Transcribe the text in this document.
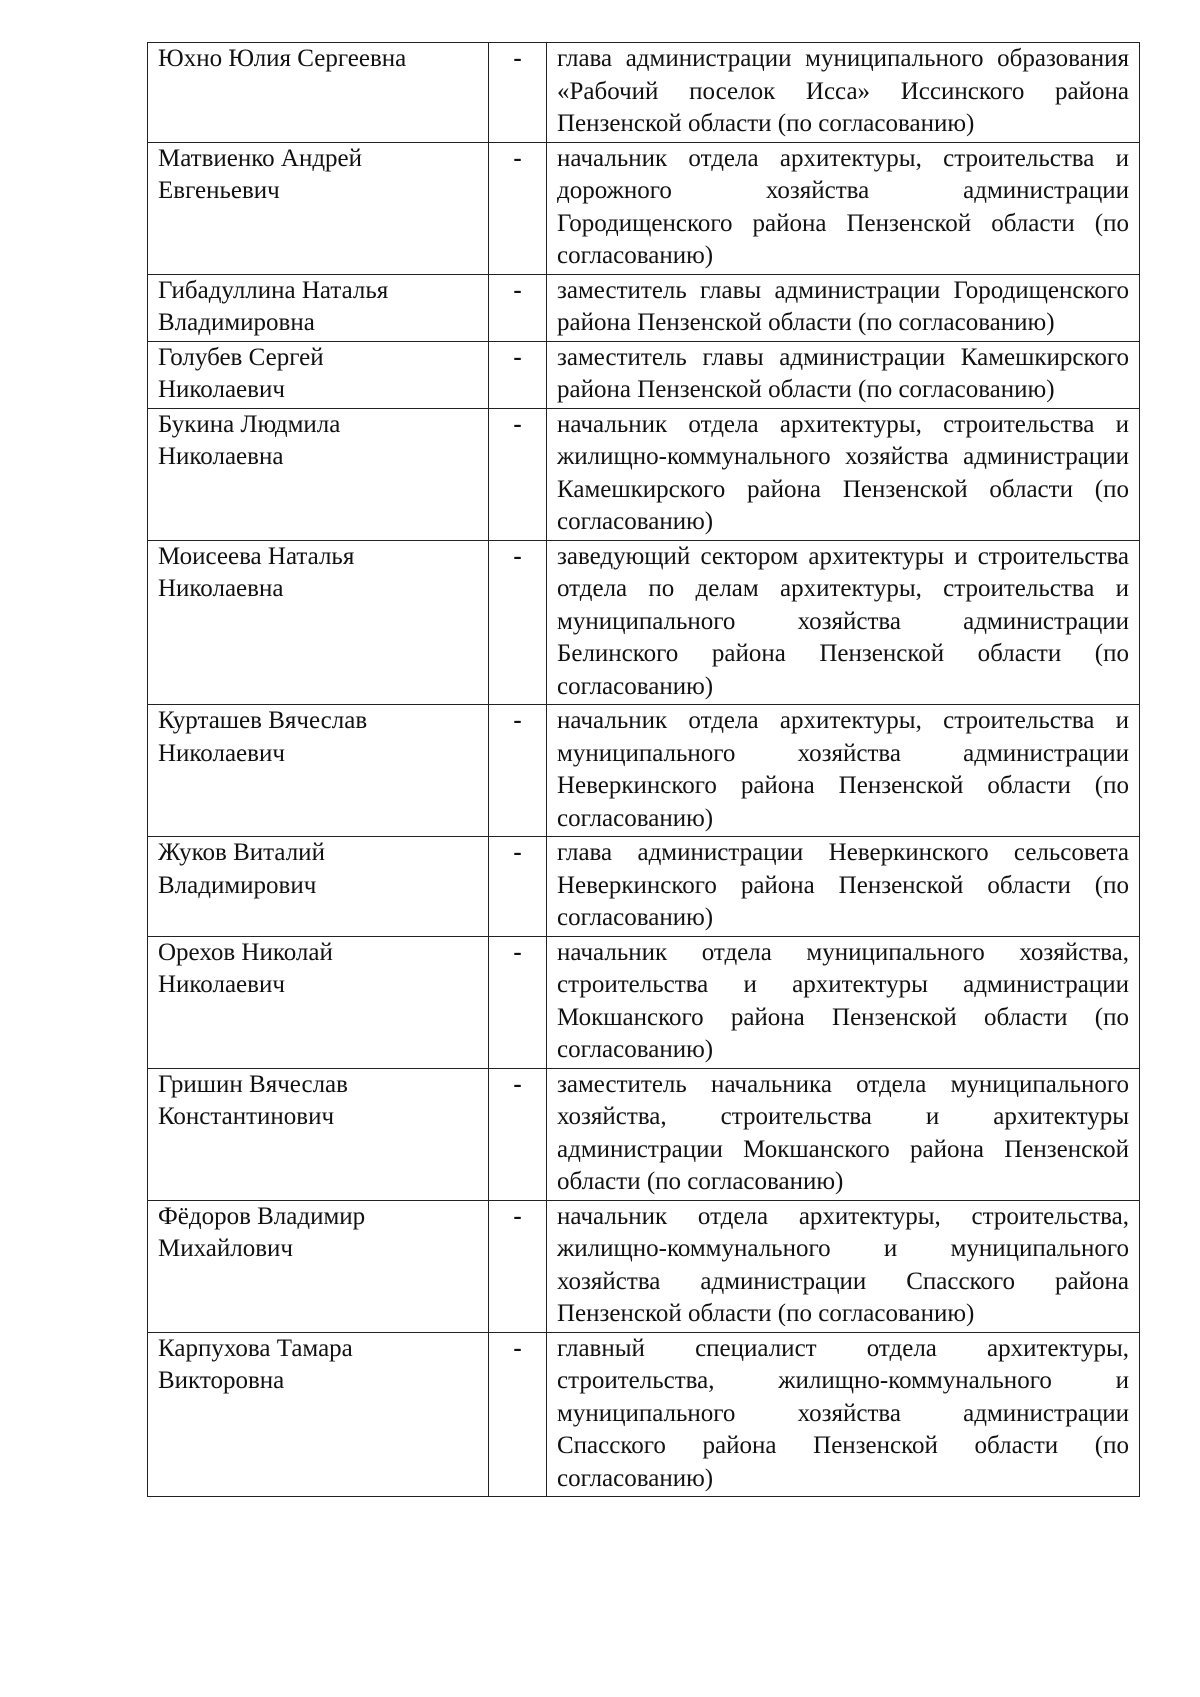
Юхно Юлия Сергеевна	-	глава администрации муниципального образования «Рабочий поселок Исса» Иссинского района Пензенской области (по согласованию)

Матвиенко Андрей
Евгеньевич	-	начальник отдела архитектуры, строительства и дорожного хозяйства администрации Городищенского района Пензенской области (по согласованию)

Гибадуллина Наталья
Владимировна	-	заместитель главы администрации Городищенского района Пензенской области (по согласованию)

Голубев Сергей
Николаевич	-	заместитель главы администрации Камешкирского района Пензенской области (по согласованию)

Букина Людмила
Николаевна	-	начальник отдела архитектуры, строительства и жилищно-коммунального хозяйства администрации Камешкирского района Пензенской области (по согласованию)

Моисеева Наталья
Николаевна	-	заведующий сектором архитектуры и строительства отдела по делам архитектуры, строительства и муниципального хозяйства администрации Белинского района Пензенской области (по согласованию)

Курташев Вячеслав
Николаевич	-	начальник отдела архитектуры, строительства и муниципального хозяйства администрации Неверкинского района Пензенской области (по согласованию)

Жуков Виталий
Владимирович	-	глава администрации Неверкинского сельсовета Неверкинского района Пензенской области (по согласованию)

Орехов Николай
Николаевич	-	начальник отдела муниципального хозяйства, строительства и архитектуры администрации Мокшанского района Пензенской области (по согласованию)

Гришин Вячеслав
Константинович	-	заместитель начальника отдела муниципального хозяйства, строительства и архитектуры администрации Мокшанского района Пензенской области (по согласованию)

Фёдоров Владимир
Михайлович	-	начальник отдела архитектуры, строительства, жилищно-коммунального и муниципального хозяйства администрации Спасского района Пензенской области (по согласованию)

Карпухова Тамара
Викторовна	-	главный специалист отдела архитектуры, строительства, жилищно-коммунального и муниципального хозяйства администрации Спасского района Пензенской области (по согласованию)
